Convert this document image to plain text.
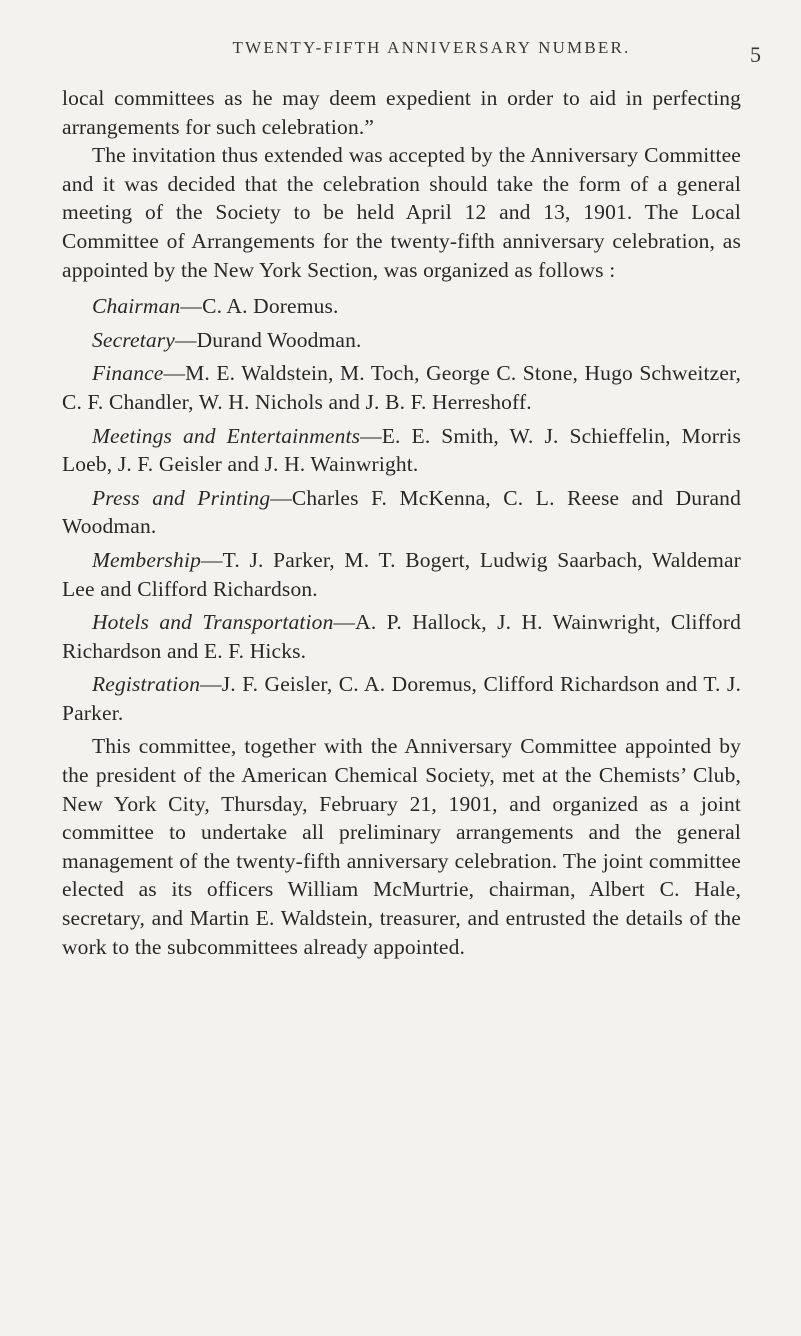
TWENTY-FIFTH ANNIVERSARY NUMBER.	5

local committees as he may deem expedient in order to aid in perfecting arrangements for such celebration.”

The invitation thus extended was accepted by the Anniversary Committee and it was decided that the celebration should take the form of a general meeting of the Society to be held April 12 and 13, 1901. The Local Committee of Arrangements for the twenty-fifth anniversary celebration, as appointed by the New York Section, was organized as follows :

Chairman—C. A. Doremus.

Secretary—Durand Woodman.

Finance—M. E. Waldstein, M. Toch, George C. Stone, Hugo Schweitzer, C. F. Chandler, W. H. Nichols and J. B. F. Herreshoff.

Meetings and Entertainments—E. E. Smith, W. J. Schieffelin, Morris Loeb, J. F. Geisler and J. H. Wainwright.

Press and Printing—Charles F. McKenna, C. L. Reese and Durand Woodman.

Membership—T. J. Parker, M. T. Bogert, Ludwig Saarbach, Waldemar Lee and Clifford Richardson.

Hotels and Transportation—A. P. Hallock, J. H. Wainwright, Clifford Richardson and E. F. Hicks.

Registration—J. F. Geisler, C. A. Doremus, Clifford Richardson and T. J. Parker.

This committee, together with the Anniversary Committee appointed by the president of the American Chemical Society, met at the Chemists’ Club, New York City, Thursday, February 21, 1901, and organized as a joint committee to undertake all preliminary arrangements and the general management of the twenty-fifth anniversary celebration. The joint committee elected as its officers William McMurtrie, chairman, Albert C. Hale, secretary, and Martin E. Waldstein, treasurer, and entrusted the details of the work to the subcommittees already appointed.
